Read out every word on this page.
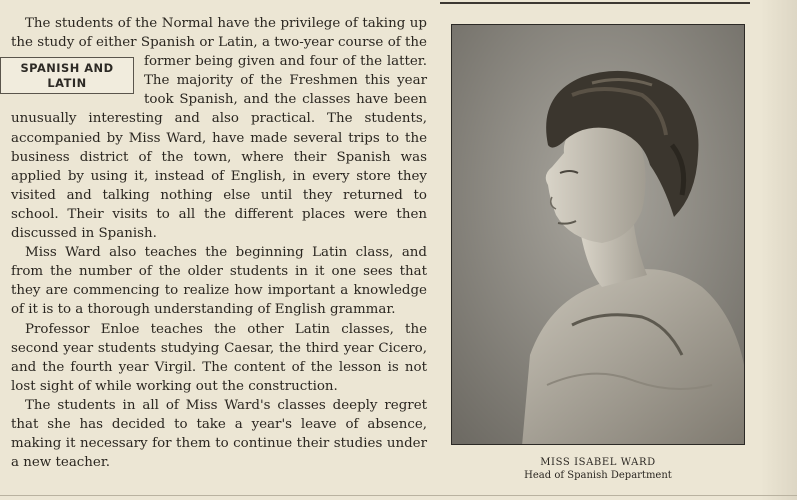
The students of the Normal have the privilege of taking up the study of either Spanish or Latin, a two-year course
SPANISH AND
LATIN
of the former being given and four of the latter. The majority of the Freshmen this year took Spanish, and the classes have been unusually interesting and also practical. The students, accompanied by Miss Ward, have made several trips to the business district of the town, where their Spanish was applied by using it, instead of English, in every store they visited and talking nothing else until they returned to school. Their visits to all the different places were then discussed in Spanish.

Miss Ward also teaches the beginning Latin class, and from the number of the older students in it one sees that they are commencing to realize how important a knowledge of it is to a thorough understanding of English grammar.

Professor Enloe teaches the other Latin classes, the second year students studying Caesar, the third year Cicero, and the fourth year Virgil. The content of the lesson is not lost sight of while working out the construction.

The students in all of Miss Ward's classes deeply regret that she has decided to take a year's leave of absence, making it necessary for them to continue their studies under a new teacher.	MISS ISABEL WARD
Head of Spanish Department
